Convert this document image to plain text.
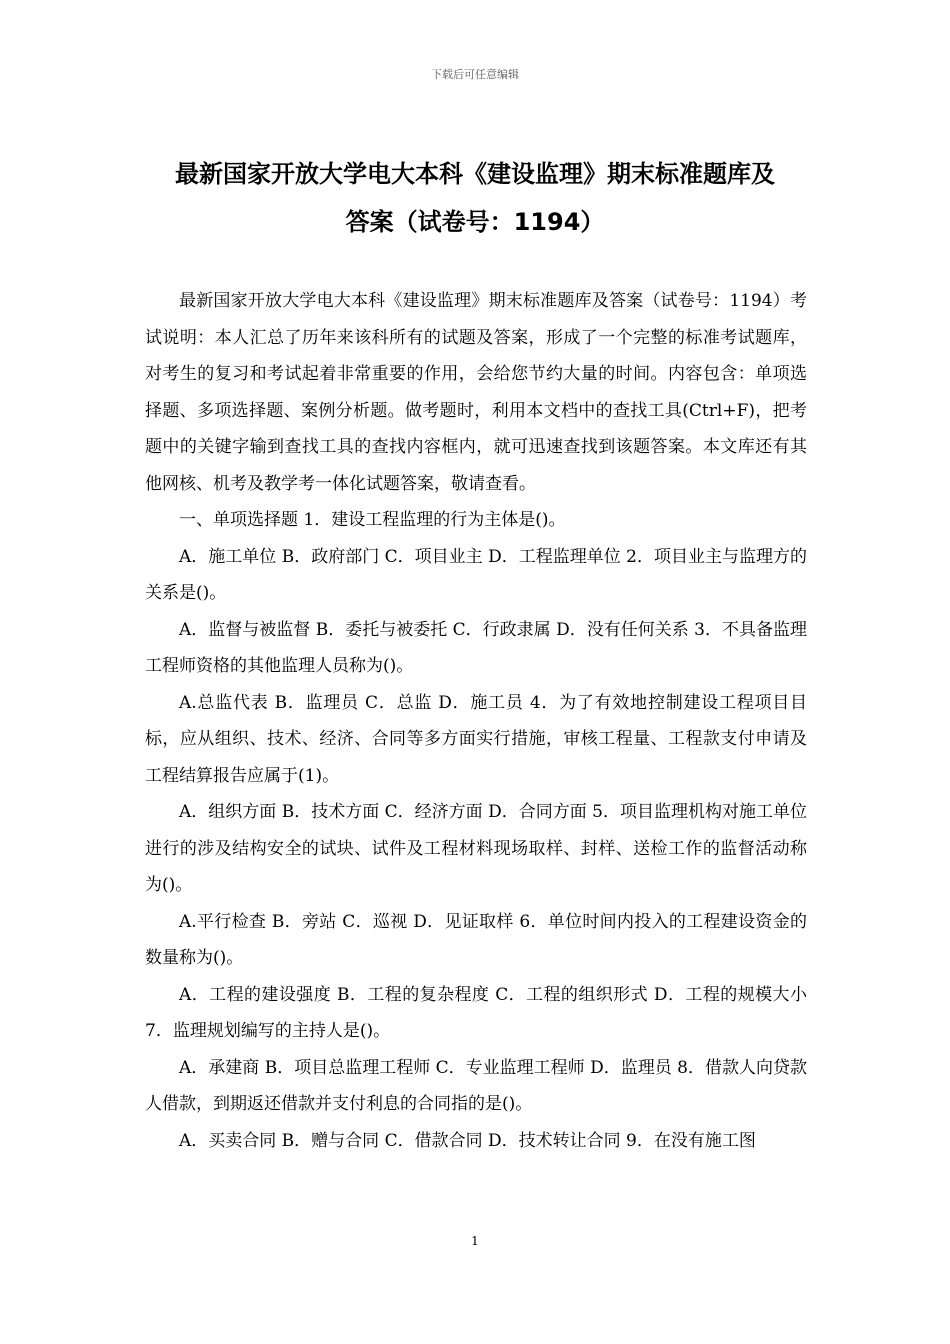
下载后可任意编辑
最新国家开放大学电大本科《建设监理》期末标准题库及
答案（试卷号：1194）

最新国家开放大学电大本科《建设监理》期末标准题库及答案（试卷号：1194）考试说明：本人汇总了历年来该科所有的试题及答案，形成了一个完整的标准考试题库，对考生的复习和考试起着非常重要的作用，会给您节约大量的时间。内容包含：单项选择题、多项选择题、案例分析题。做考题时，利用本文档中的查找工具(Ctrl+F)，把考题中的关键字输到查找工具的查找内容框内，就可迅速查找到该题答案。本文库还有其他网核、机考及教学考一体化试题答案，敬请查看。

一、单项选择题 1．建设工程监理的行为主体是()。

A．施工单位 B．政府部门 C．项目业主 D．工程监理单位 2．项目业主与监理方的关系是()。

A．监督与被监督 B．委托与被委托 C．行政隶属 D．没有任何关系 3．不具备监理工程师资格的其他监理人员称为()。

A.总监代表 B．监理员 C．总监 D．施工员 4．为了有效地控制建设工程项目目标，应从组织、技术、经济、合同等多方面实行措施，审核工程量、工程款支付申请及工程结算报告应属于(1)。

A．组织方面 B．技术方面 C．经济方面 D．合同方面 5．项目监理机构对施工单位进行的涉及结构安全的试块、试件及工程材料现场取样、封样、送检工作的监督活动称为()。

A.平行检查 B．旁站 C．巡视 D．见证取样 6．单位时间内投入的工程建设资金的数量称为()。

A．工程的建设强度 B．工程的复杂程度 C．工程的组织形式 D．工程的规模大小 7．监理规划编写的主持人是()。

A．承建商 B．项目总监理工程师 C．专业监理工程师 D．监理员 8．借款人向贷款人借款，到期返还借款并支付利息的合同指的是()。

A．买卖合同 B．赠与合同 C．借款合同 D．技术转让合同 9．在没有施工图

1
